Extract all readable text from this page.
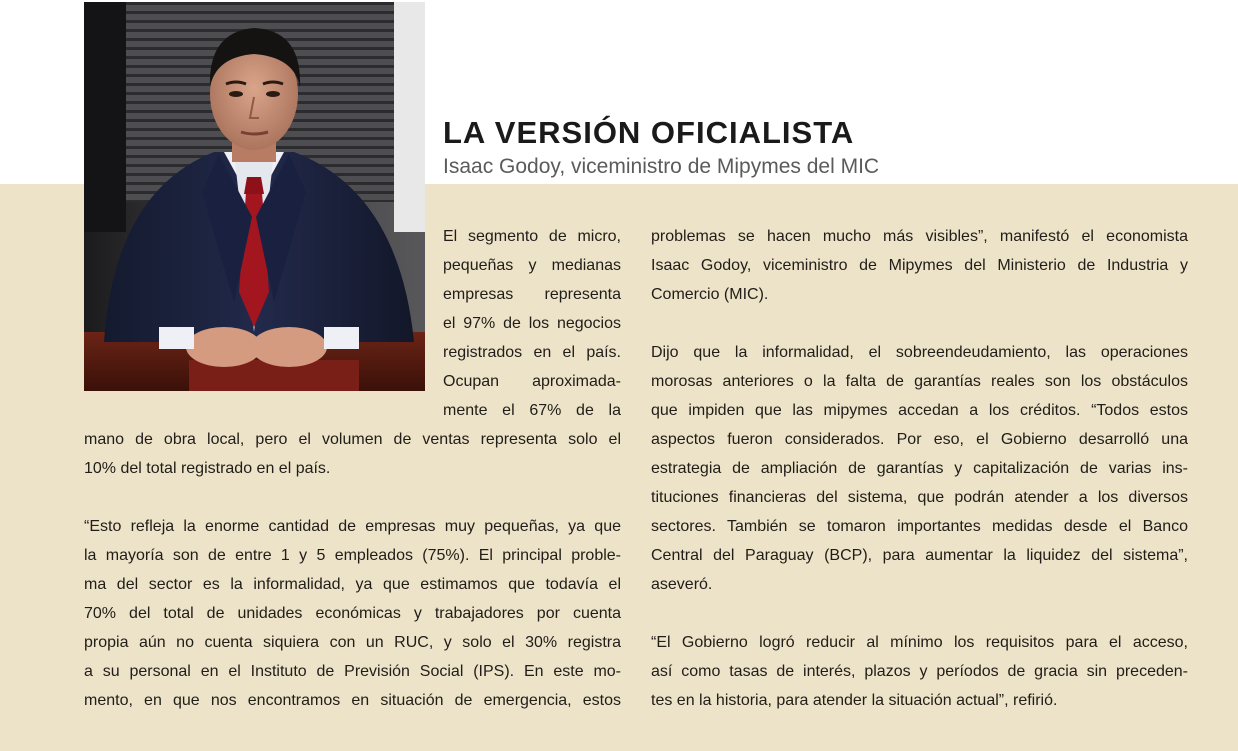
LA VERSIÓN OFICIALISTA
Isaac Godoy, viceministro de Mipymes del MIC
El segmento de micro,
pequeñas y medianas
empresas representa
el 97% de los negocios
registrados en el país.
Ocupan aproximada-
mente el 67% de la

mano de obra local, pero el volumen de ventas representa solo el
10% del total registrado en el país.

“Esto refleja la enorme cantidad de empresas muy pequeñas, ya que
la mayoría son de entre 1 y 5 empleados (75%). El principal proble-
ma del sector es la informalidad, ya que estimamos que todavía el
70% del total de unidades económicas y trabajadores por cuenta
propia aún no cuenta siquiera con un RUC, y solo el 30% registra
a su personal en el Instituto de Previsión Social (IPS). En este mo-
mento, en que nos encontramos en situación de emergencia, estos

problemas se hacen mucho más visibles”, manifestó el economista
Isaac Godoy, viceministro de Mipymes del Ministerio de Industria y
Comercio (MIC).

Dijo que la informalidad, el sobreendeudamiento, las operaciones
morosas anteriores o la falta de garantías reales son los obstáculos
que impiden que las mipymes accedan a los créditos. “Todos estos
aspectos fueron considerados. Por eso, el Gobierno desarrolló una
estrategia de ampliación de garantías y capitalización de varias ins-
tituciones financieras del sistema, que podrán atender a los diversos
sectores. También se tomaron importantes medidas desde el Banco
Central del Paraguay (BCP), para aumentar la liquidez del sistema”,
aseveró.

“El Gobierno logró reducir al mínimo los requisitos para el acceso,
así como tasas de interés, plazos y períodos de gracia sin preceden-
tes en la historia, para atender la situación actual”, refirió.
